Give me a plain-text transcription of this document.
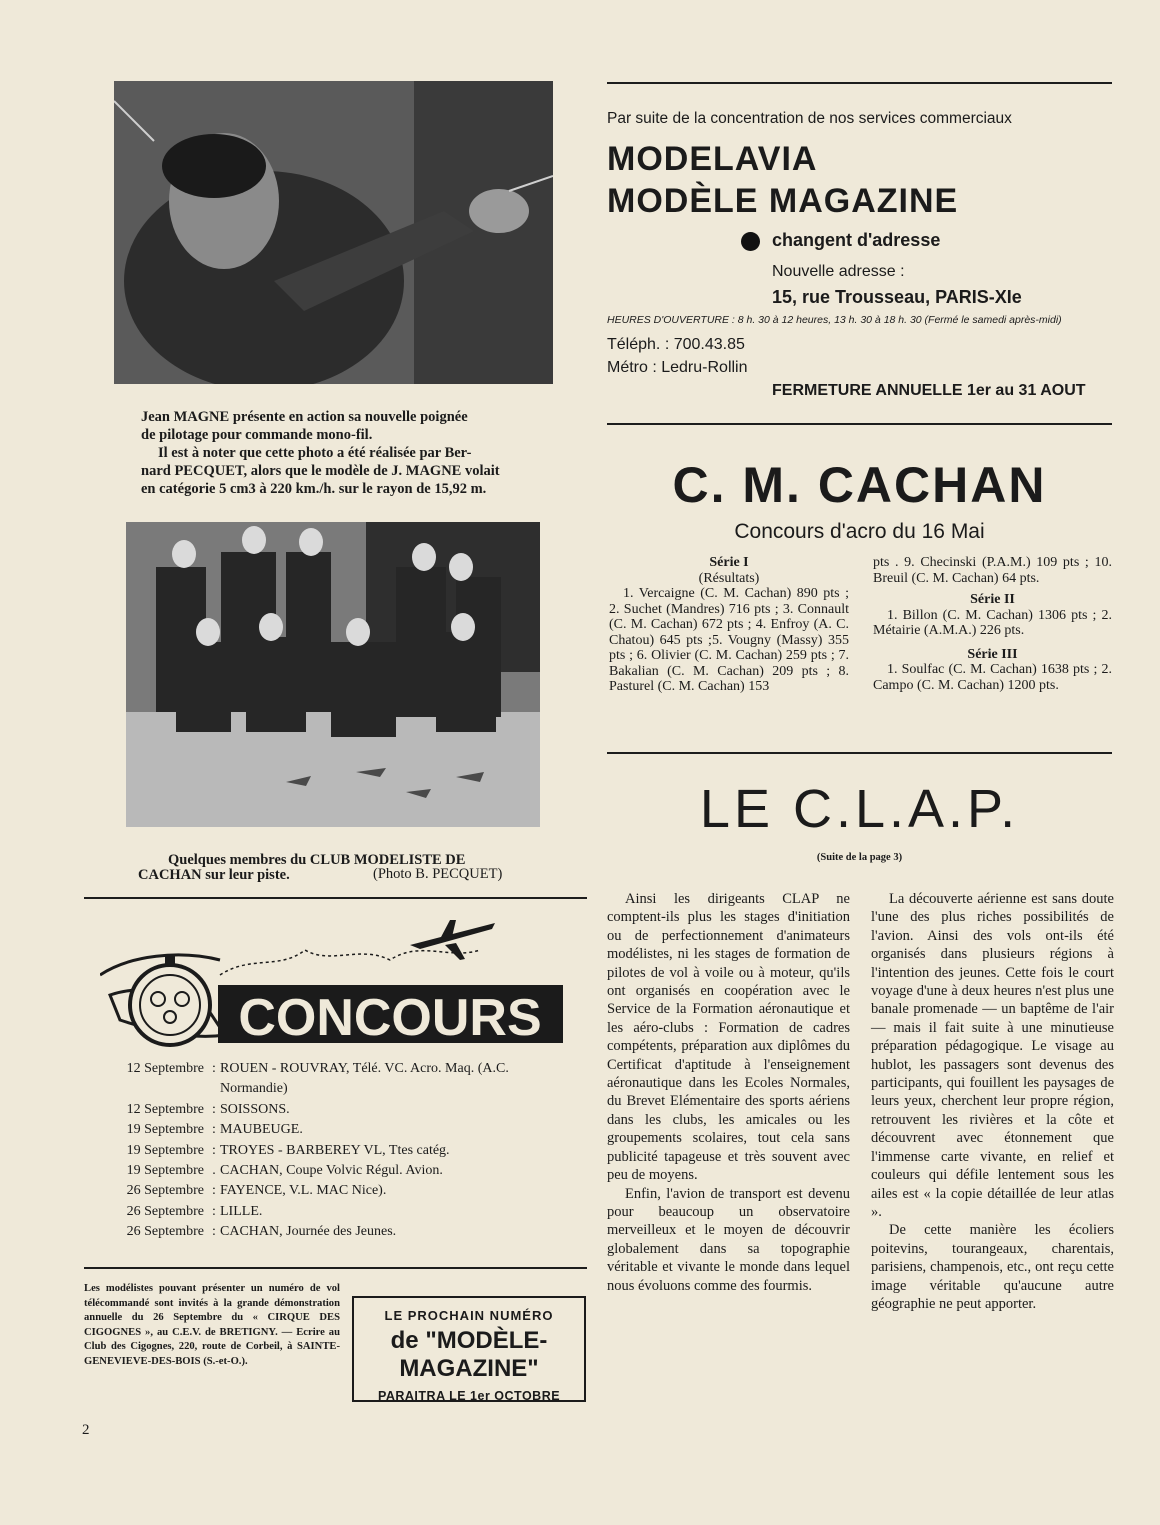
Jean MAGNE présente en action sa nouvelle poignée
de pilotage pour commande mono-fil.
Il est à noter que cette photo a été réalisée par Ber-
nard PECQUET, alors que le modèle de J. MAGNE volait
en catégorie 5 cm3 à 220 km./h. sur le rayon de 15,92 m.
Quelques membres du CLUB MODELISTE DE
CACHAN sur leur piste.	(Photo B. PECQUET)
Par suite de la concentration de nos services commerciaux
MODELAVIA
MODÈLE MAGAZINE
changent d'adresse
Nouvelle adresse :
15, rue Trousseau, PARIS-XIe
HEURES D'OUVERTURE : 8 h. 30 à 12 heures, 13 h. 30 à 18 h. 30 (Fermé le samedi après-midi)
Téléph. : 700.43.85
Métro : Ledru-Rollin
FERMETURE ANNUELLE 1er au 31 AOUT
C. M. CACHAN
Concours d'acro du 16 Mai
Série I
(Résultats)
1. Vercaigne (C. M. Cachan) 890 pts ; 2. Suchet (Mandres) 716 pts ; 3. Connault (C. M. Cachan) 672 pts ; 4. Enfroy (A. C. Chatou) 645 pts ;5. Vougny (Massy) 355 pts ; 6. Olivier (C. M. Cachan) 259 pts ; 7. Bakalian (C. M. Cachan) 209 pts ; 8. Pasturel (C. M. Cachan) 153
pts . 9. Checinski (P.A.M.) 109 pts ; 10. Breuil (C. M. Cachan) 64 pts.
Série II
1. Billon (C. M. Cachan) 1306 pts ; 2. Métairie (A.M.A.) 226 pts.
Série III
1. Soulfac (C. M. Cachan) 1638 pts ; 2. Campo (C. M. Cachan) 1200 pts.
LE C.L.A.P.
(Suite de la page 3)

Ainsi les dirigeants CLAP ne comptent-ils plus les stages d'initiation ou de perfectionnement d'animateurs modélistes, ni les stages de formation de pilotes de vol à voile ou à moteur, qu'ils ont organisés en coopération avec le Service de la Formation aéronautique et les aéro-clubs : Formation de cadres compétents, préparation aux diplômes du Certificat d'aptitude à l'enseignement aéronautique dans les Ecoles Normales, du Brevet Elémentaire des sports aériens dans les clubs, les amicales ou les groupements scolaires, tout cela sans publicité tapageuse et très souvent avec peu de moyens.

Enfin, l'avion de transport est devenu pour beaucoup un observatoire merveilleux et le moyen de découvrir globalement dans sa topographie véritable et vivante le monde dans lequel nous évoluons comme des fourmis.

La découverte aérienne est sans doute l'une des plus riches possibilités de l'avion. Ainsi des vols ont-ils été organisés dans plusieurs régions à l'intention des jeunes. Cette fois le court voyage d'une à deux heures n'est plus une banale promenade — un baptême de l'air — mais il fait suite à une minutieuse préparation pédagogique. Le visage au hublot, les passagers sont devenus des participants, qui fouillent les paysages de leurs yeux, cherchent leur propre région, retrouvent les rivières et la côte et découvrent avec étonnement que l'immense carte vivante, en relief et couleurs qui défile lentement sous les ailes est « la copie détaillée de leur atlas ».

De cette manière les écoliers poitevins, tourangeaux, charentais, parisiens, champenois, etc., ont reçu cette image véritable qu'aucune autre géographie ne peut apporter.

CONCOURS
12 Septembre : ROUEN - ROUVRAY, Télé. VC. Acro. Maq. (A.C. Normandie)
12 Septembre : SOISSONS.
19 Septembre : MAUBEUGE.
19 Septembre : TROYES - BARBEREY VL, Ttes catég.
19 Septembre . CACHAN, Coupe Volvic Régul. Avion.
26 Septembre : FAYENCE, V.L. MAC Nice).
26 Septembre : LILLE.
26 Septembre : CACHAN, Journée des Jeunes.
Les modélistes pouvant présenter un numéro de vol télécommandé sont invités à la grande démonstration annuelle du 26 Septembre du « CIRQUE DES CIGOGNES », au C.E.V. de BRETIGNY. — Ecrire au Club des Cigognes, 220, route de Corbeil, à SAINTE-GENEVIEVE-DES-BOIS (S.-et-O.).
LE PROCHAIN NUMÉRO
de "MODÈLE-MAGAZINE"
PARAITRA LE 1er OCTOBRE
2
